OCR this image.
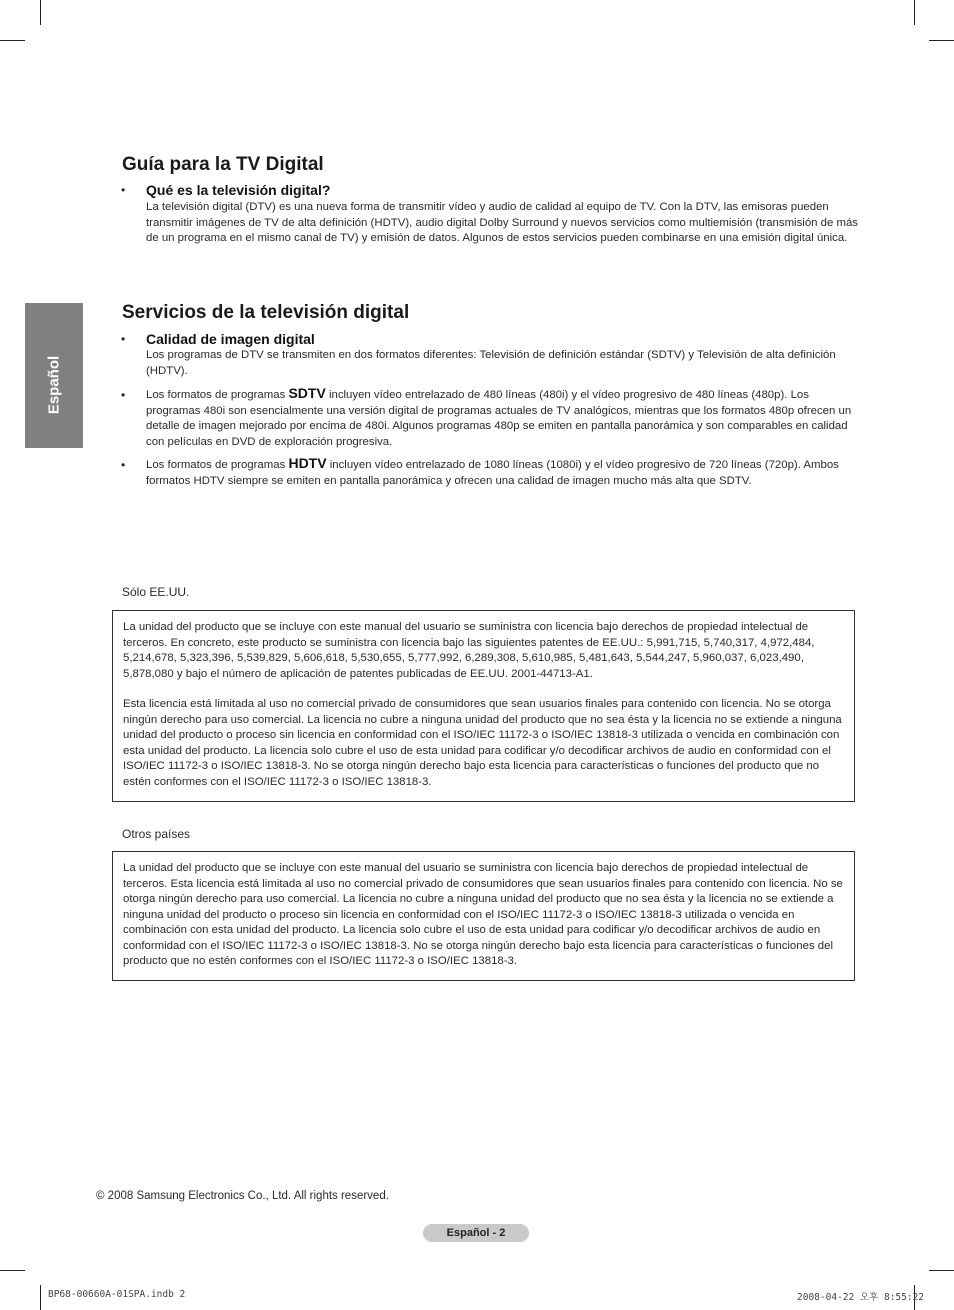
Español
Guía para la TV Digital
• Qué es la televisión digital?

La televisión digital (DTV) es una nueva forma de transmitir vídeo y audio de calidad al equipo de TV. Con la DTV, las emisoras pueden transmitir imágenes de TV de alta definición (HDTV), audio digital Dolby Surround y nuevos servicios como multiemisión (transmisión de más de un programa en el mismo canal de TV) y emisión de datos. Algunos de estos servicios pueden combinarse en una emisión digital única.

Servicios de la televisión digital
• Calidad de imagen digital

Los programas de DTV se transmiten en dos formatos diferentes: Televisión de definición estándar (SDTV) y Televisión de alta definición (HDTV).

• Los formatos de programas SDTV incluyen vídeo entrelazado de 480 líneas (480i) y el vídeo progresivo de 480 líneas (480p). Los programas 480i son esencialmente una versión digital de programas actuales de TV analógicos, mientras que los formatos 480p ofrecen un detalle de imagen mejorado por encima de 480i. Algunos programas 480p se emiten en pantalla panorámica y son comparables en calidad con películas en DVD de exploración progresiva.

• Los formatos de programas HDTV incluyen vídeo entrelazado de 1080 líneas (1080i) y el vídeo progresivo de 720 líneas (720p). Ambos formatos HDTV siempre se emiten en pantalla panorámica y ofrecen una calidad de imagen mucho más alta que SDTV.

Sólo EE.UU.

La unidad del producto que se incluye con este manual del usuario se suministra con licencia bajo derechos de propiedad intelectual de terceros. En concreto, este producto se suministra con licencia bajo las siguientes patentes de EE.UU.: 5,991,715, 5,740,317, 4,972,484, 5,214,678, 5,323,396, 5,539,829, 5,606,618, 5,530,655, 5,777,992, 6,289,308, 5,610,985, 5,481,643, 5,544,247, 5,960,037, 6,023,490, 5,878,080 y bajo el número de aplicación de patentes publicadas de EE.UU. 2001-44713-A1.

Esta licencia está limitada al uso no comercial privado de consumidores que sean usuarios finales para contenido con licencia. No se otorga ningún derecho para uso comercial. La licencia no cubre a ninguna unidad del producto que no sea ésta y la licencia no se extiende a ninguna unidad del producto o proceso sin licencia en conformidad con el ISO/IEC 11172-3 o ISO/IEC 13818-3 utilizada o vencida en combinación con esta unidad del producto. La licencia solo cubre el uso de esta unidad para codificar y/o decodificar archivos de audio en conformidad con el ISO/IEC 11172-3 o ISO/IEC 13818-3. No se otorga ningún derecho bajo esta licencia para características o funciones del producto que no estén conformes con el ISO/IEC 11172-3 o ISO/IEC 13818-3.

Otros países

La unidad del producto que se incluye con este manual del usuario se suministra con licencia bajo derechos de propiedad intelectual de terceros. Esta licencia está limitada al uso no comercial privado de consumidores que sean usuarios finales para contenido con licencia. No se otorga ningún derecho para uso comercial. La licencia no cubre a ninguna unidad del producto que no sea ésta y la licencia no se extiende a ninguna unidad del producto o proceso sin licencia en conformidad con el ISO/IEC 11172-3 o ISO/IEC 13818-3 utilizada o vencida en combinación con esta unidad del producto. La licencia solo cubre el uso de esta unidad para codificar y/o decodificar archivos de audio en conformidad con el ISO/IEC 11172-3 o ISO/IEC 13818-3. No se otorga ningún derecho bajo esta licencia para características o funciones del producto que no estén conformes con el ISO/IEC 11172-3 o ISO/IEC 13818-3.

© 2008 Samsung Electronics Co., Ltd. All rights reserved.
Español - 2
BP68-00660A-01SPA.indb 2	2008-04-22 오후 8:55:22
